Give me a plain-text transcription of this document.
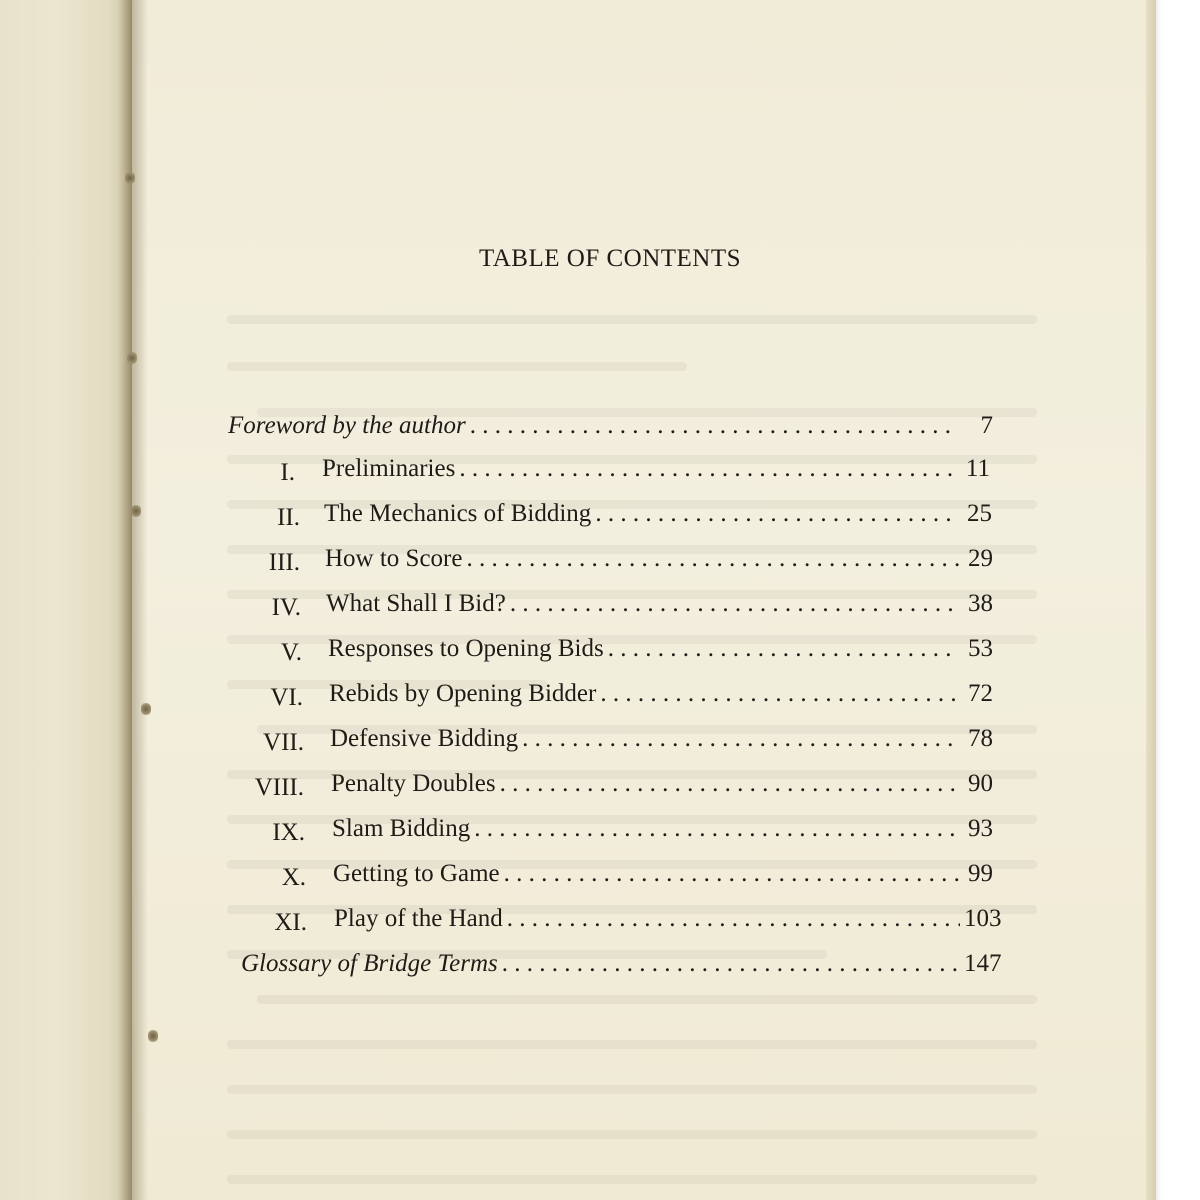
TABLE OF CONTENTS
Foreword by the author . . .	7
I. Preliminaries . . .	11
II. The Mechanics of Bidding . . .	25
III. How to Score . . .	29
IV. What Shall I Bid? . . .	38
V. Responses to Opening Bids . . .	53
VI. Rebids by Opening Bidder . . .	72
VII. Defensive Bidding . . .	78
VIII. Penalty Doubles . . .	90
IX. Slam Bidding . . .	93
X. Getting to Game . . .	99
XI. Play of the Hand . . .	103
Glossary of Bridge Terms . . .	147
